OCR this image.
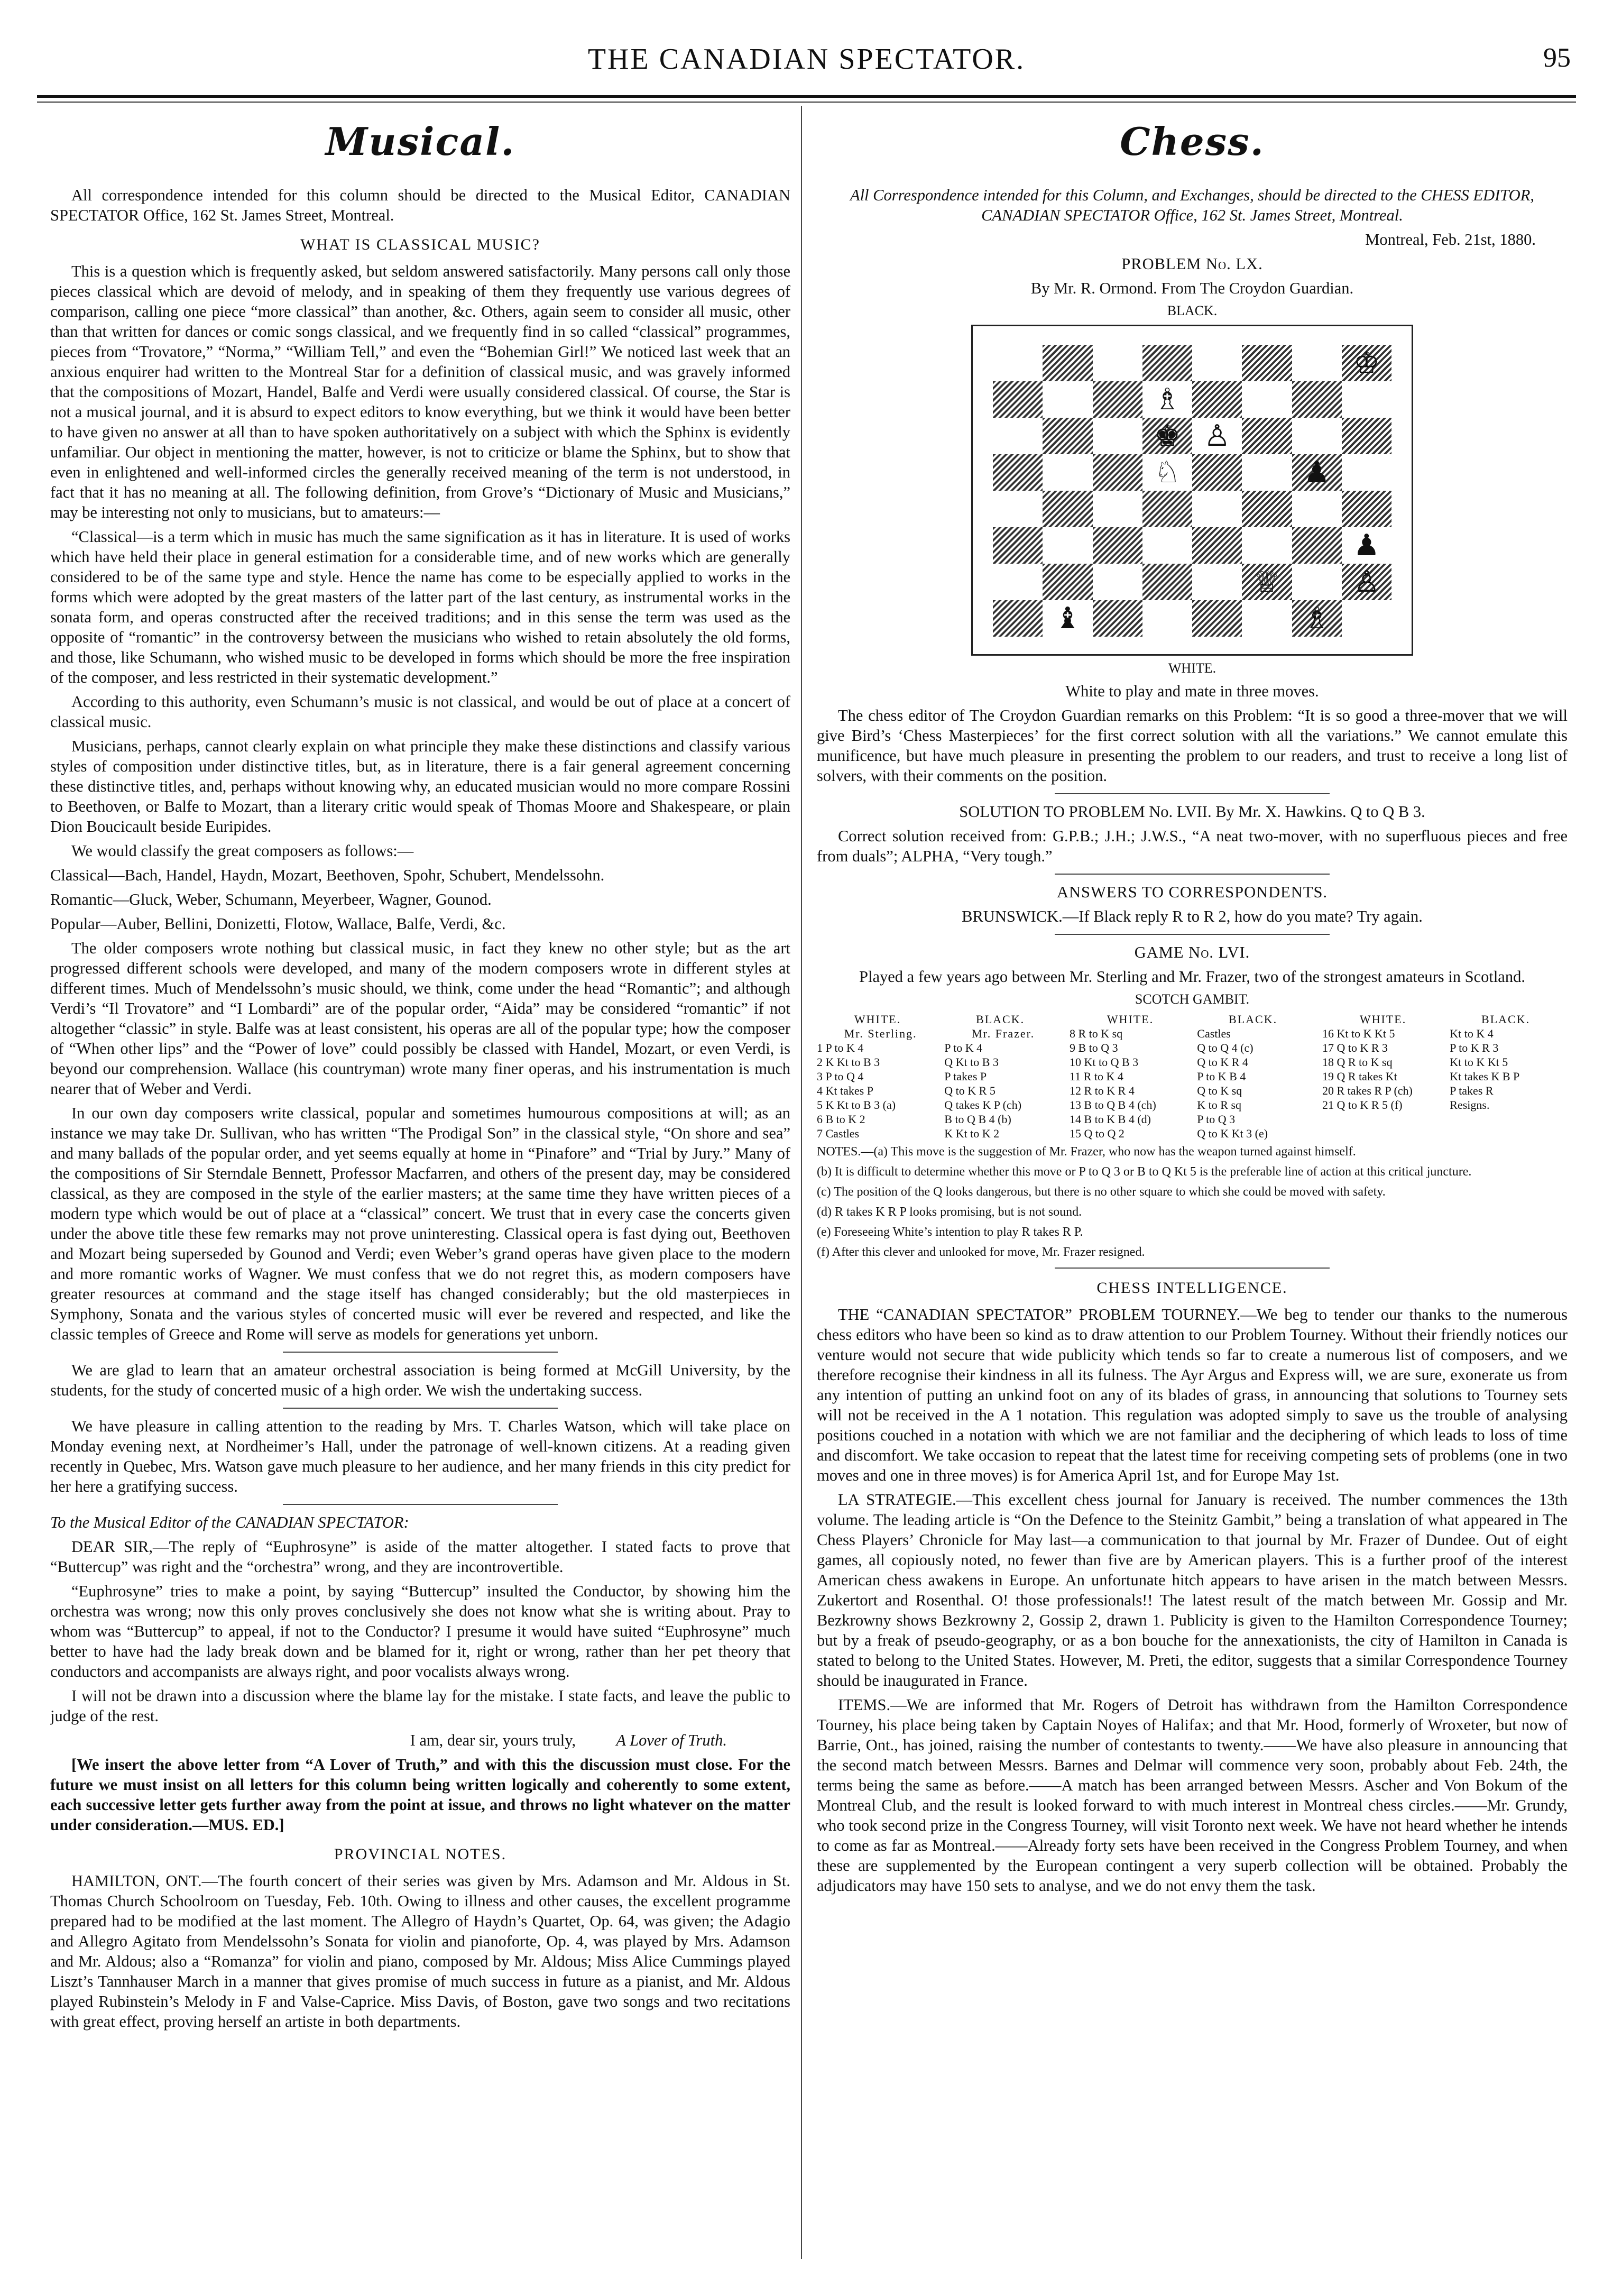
THE CANADIAN SPECTATOR.	95
Musical.

All correspondence intended for this column should be directed to the Musical Editor, CANADIAN SPECTATOR Office, 162 St. James Street, Montreal.

WHAT IS CLASSICAL MUSIC?

This is a question which is frequently asked, but seldom answered satisfactorily. Many persons call only those pieces classical which are devoid of melody, and in speaking of them they frequently use various degrees of comparison, calling one piece “more classical” than another, &c. Others, again seem to consider all music, other than that written for dances or comic songs classical, and we frequently find in so called “classical” programmes, pieces from “Trovatore,” “Norma,” “William Tell,” and even the “Bohemian Girl!” We noticed last week that an anxious enquirer had written to the Montreal Star for a definition of classical music, and was gravely informed that the compositions of Mozart, Handel, Balfe and Verdi were usually considered classical. Of course, the Star is not a musical journal, and it is absurd to expect editors to know everything, but we think it would have been better to have given no answer at all than to have spoken authoritatively on a subject with which the Sphinx is evidently unfamiliar. Our object in mentioning the matter, however, is not to criticize or blame the Sphinx, but to show that even in enlightened and well-informed circles the generally received meaning of the term is not understood, in fact that it has no meaning at all. The following definition, from Grove’s “Dictionary of Music and Musicians,” may be interesting not only to musicians, but to amateurs:—

“Classical—is a term which in music has much the same signification as it has in literature. It is used of works which have held their place in general estimation for a considerable time, and of new works which are generally considered to be of the same type and style. Hence the name has come to be especially applied to works in the forms which were adopted by the great masters of the latter part of the last century, as instrumental works in the sonata form, and operas constructed after the received traditions; and in this sense the term was used as the opposite of “romantic” in the controversy between the musicians who wished to retain absolutely the old forms, and those, like Schumann, who wished music to be developed in forms which should be more the free inspiration of the composer, and less restricted in their systematic development.”

According to this authority, even Schumann’s music is not classical, and would be out of place at a concert of classical music.

Musicians, perhaps, cannot clearly explain on what principle they make these distinctions and classify various styles of composition under distinctive titles, but, as in literature, there is a fair general agreement concerning these distinctive titles, and, perhaps without knowing why, an educated musician would no more compare Rossini to Beethoven, or Balfe to Mozart, than a literary critic would speak of Thomas Moore and Shakespeare, or plain Dion Boucicault beside Euripides.

We would classify the great composers as follows:—

Classical—Bach, Handel, Haydn, Mozart, Beethoven, Spohr, Schubert, Mendelssohn.

Romantic—Gluck, Weber, Schumann, Meyerbeer, Wagner, Gounod.

Popular—Auber, Bellini, Donizetti, Flotow, Wallace, Balfe, Verdi, &c.

The older composers wrote nothing but classical music, in fact they knew no other style; but as the art progressed different schools were developed, and many of the modern composers wrote in different styles at different times. Much of Mendelssohn’s music should, we think, come under the head “Romantic”; and although Verdi’s “Il Trovatore” and “I Lombardi” are of the popular order, “Aida” may be considered “romantic” if not altogether “classic” in style. Balfe was at least consistent, his operas are all of the popular type; how the composer of “When other lips” and the “Power of love” could possibly be classed with Handel, Mozart, or even Verdi, is beyond our comprehension. Wallace (his countryman) wrote many finer operas, and his instrumentation is much nearer that of Weber and Verdi.

In our own day composers write classical, popular and sometimes humourous compositions at will; as an instance we may take Dr. Sullivan, who has written “The Prodigal Son” in the classical style, “On shore and sea” and many ballads of the popular order, and yet seems equally at home in “Pinafore” and “Trial by Jury.” Many of the compositions of Sir Sterndale Bennett, Professor Macfarren, and others of the present day, may be considered classical, as they are composed in the style of the earlier masters; at the same time they have written pieces of a modern type which would be out of place at a “classical” concert. We trust that in every case the concerts given under the above title these few remarks may not prove uninteresting. Classical opera is fast dying out, Beethoven and Mozart being superseded by Gounod and Verdi; even Weber’s grand operas have given place to the modern and more romantic works of Wagner. We must confess that we do not regret this, as modern composers have greater resources at command and the stage itself has changed considerably; but the old masterpieces in Symphony, Sonata and the various styles of concerted music will ever be revered and respected, and like the classic temples of Greece and Rome will serve as models for generations yet unborn.

We are glad to learn that an amateur orchestral association is being formed at McGill University, by the students, for the study of concerted music of a high order. We wish the undertaking success.

We have pleasure in calling attention to the reading by Mrs. T. Charles Watson, which will take place on Monday evening next, at Nordheimer’s Hall, under the patronage of well-known citizens. At a reading given recently in Quebec, Mrs. Watson gave much pleasure to her audience, and her many friends in this city predict for her here a gratifying success.

To the Musical Editor of the CANADIAN SPECTATOR:

DEAR SIR,—The reply of “Euphrosyne” is aside of the matter altogether. I stated facts to prove that “Buttercup” was right and the “orchestra” wrong, and they are incontrovertible.

“Euphrosyne” tries to make a point, by saying “Buttercup” insulted the Conductor, by showing him the orchestra was wrong; now this only proves conclusively she does not know what she is writing about. Pray to whom was “Buttercup” to appeal, if not to the Conductor? I presume it would have suited “Euphrosyne” much better to have had the lady break down and be blamed for it, right or wrong, rather than her pet theory that conductors and accompanists are always right, and poor vocalists always wrong.

I will not be drawn into a discussion where the blame lay for the mistake. I state facts, and leave the public to judge of the rest.

I am, dear sir, yours truly,	A Lover of Truth.

[We insert the above letter from “A Lover of Truth,” and with this the discussion must close. For the future we must insist on all letters for this column being written logically and coherently to some extent, each successive letter gets further away from the point at issue, and throws no light whatever on the matter under consideration.—MUS. ED.]

PROVINCIAL NOTES.

HAMILTON, ONT.—The fourth concert of their series was given by Mrs. Adamson and Mr. Aldous in St. Thomas Church Schoolroom on Tuesday, Feb. 10th. Owing to illness and other causes, the excellent programme prepared had to be modified at the last moment. The Allegro of Haydn’s Quartet, Op. 64, was given; the Adagio and Allegro Agitato from Mendelssohn’s Sonata for violin and pianoforte, Op. 4, was played by Mrs. Adamson and Mr. Aldous; also a “Romanza” for violin and piano, composed by Mr. Aldous; Miss Alice Cummings played Liszt’s Tannhauser March in a manner that gives promise of much success in future as a pianist, and Mr. Aldous played Rubinstein’s Melody in F and Valse-Caprice. Miss Davis, of Boston, gave two songs and two recitations with great effect, proving herself an artiste in both departments.

Chess.

All Correspondence intended for this Column, and Exchanges, should be directed to the CHESS EDITOR, CANADIAN SPECTATOR Office, 162 St. James Street, Montreal.

Montreal, Feb. 21st, 1880.

PROBLEM No. LX.

By Mr. R. Ormond. From The Croydon Guardian.

BLACK.

♔
♗
♚ ♙
♘	♟
♟
♕	♙
♝	♗

WHITE.

White to play and mate in three moves.

The chess editor of The Croydon Guardian remarks on this Problem: “It is so good a three-mover that we will give Bird’s ‘Chess Masterpieces’ for the first correct solution with all the variations.” We cannot emulate this munificence, but have much pleasure in presenting the problem to our readers, and trust to receive a long list of solvers, with their comments on the position.

SOLUTION TO PROBLEM No. LVII. By Mr. X. Hawkins. Q to Q B 3.

Correct solution received from: G.P.B.; J.H.; J.W.S., “A neat two-mover, with no superfluous pieces and free from duals”; ALPHA, “Very tough.”

ANSWERS TO CORRESPONDENTS.

BRUNSWICK.—If Black reply R to R 2, how do you mate? Try again.

GAME No. LVI.

Played a few years ago between Mr. Sterling and Mr. Frazer, two of the strongest amateurs in Scotland.

SCOTCH GAMBIT.

WHITE.	BLACK.
Mr. Sterling.	Mr. Frazer.
1 P to K 4	P to K 4
2 K Kt to B 3	Q Kt to B 3
3 P to Q 4	P takes P
4 Kt takes P	Q to K R 5
5 K Kt to B 3 (a)	Q takes K P (ch)
6 B to K 2	B to Q B 4 (b)
7 Castles	K Kt to K 2
WHITE.	BLACK.
8 R to K sq	Castles
9 B to Q 3	Q to Q 4 (c)
10 Kt to Q B 3	Q to K R 4
11 R to K 4	P to K B 4
12 R to K R 4	Q to K sq
13 B to Q B 4 (ch)	K to R sq
14 B to K B 4 (d)	P to Q 3
15 Q to Q 2	Q to K Kt 3 (e)
WHITE.	BLACK.
16 Kt to K Kt 5	Kt to K 4
17 Q to K R 3	P to K R 3
18 Q R to K sq	Kt to K Kt 5
19 Q R takes Kt	Kt takes K B P
20 R takes R P (ch)	P takes R
21 Q to K R 5 (f)	Resigns.

NOTES.—(a) This move is the suggestion of Mr. Frazer, who now has the weapon turned against himself.

(b) It is difficult to determine whether this move or P to Q 3 or B to Q Kt 5 is the preferable line of action at this critical juncture.

(c) The position of the Q looks dangerous, but there is no other square to which she could be moved with safety.

(d) R takes K R P looks promising, but is not sound.

(e) Foreseeing White’s intention to play R takes R P.

(f) After this clever and unlooked for move, Mr. Frazer resigned.

CHESS INTELLIGENCE.

THE “CANADIAN SPECTATOR” PROBLEM TOURNEY.—We beg to tender our thanks to the numerous chess editors who have been so kind as to draw attention to our Problem Tourney. Without their friendly notices our venture would not secure that wide publicity which tends so far to create a numerous list of composers, and we therefore recognise their kindness in all its fulness. The Ayr Argus and Express will, we are sure, exonerate us from any intention of putting an unkind foot on any of its blades of grass, in announcing that solutions to Tourney sets will not be received in the A 1 notation. This regulation was adopted simply to save us the trouble of analysing positions couched in a notation with which we are not familiar and the deciphering of which leads to loss of time and discomfort. We take occasion to repeat that the latest time for receiving competing sets of problems (one in two moves and one in three moves) is for America April 1st, and for Europe May 1st.

LA STRATEGIE.—This excellent chess journal for January is received. The number commences the 13th volume. The leading article is “On the Defence to the Steinitz Gambit,” being a translation of what appeared in The Chess Players’ Chronicle for May last—a communication to that journal by Mr. Frazer of Dundee. Out of eight games, all copiously noted, no fewer than five are by American players. This is a further proof of the interest American chess awakens in Europe. An unfortunate hitch appears to have arisen in the match between Messrs. Zukertort and Rosenthal. O! those professionals!! The latest result of the match between Mr. Gossip and Mr. Bezkrowny shows Bezkrowny 2, Gossip 2, drawn 1. Publicity is given to the Hamilton Correspondence Tourney; but by a freak of pseudo-geography, or as a bon bouche for the annexationists, the city of Hamilton in Canada is stated to belong to the United States. However, M. Preti, the editor, suggests that a similar Correspondence Tourney should be inaugurated in France.

ITEMS.—We are informed that Mr. Rogers of Detroit has withdrawn from the Hamilton Correspondence Tourney, his place being taken by Captain Noyes of Halifax; and that Mr. Hood, formerly of Wroxeter, but now of Barrie, Ont., has joined, raising the number of contestants to twenty.——We have also pleasure in announcing that the second match between Messrs. Barnes and Delmar will commence very soon, probably about Feb. 24th, the terms being the same as before.——A match has been arranged between Messrs. Ascher and Von Bokum of the Montreal Club, and the result is looked forward to with much interest in Montreal chess circles.——Mr. Grundy, who took second prize in the Congress Tourney, will visit Toronto next week. We have not heard whether he intends to come as far as Montreal.——Already forty sets have been received in the Congress Problem Tourney, and when these are supplemented by the European contingent a very superb collection will be obtained. Probably the adjudicators may have 150 sets to analyse, and we do not envy them the task.
